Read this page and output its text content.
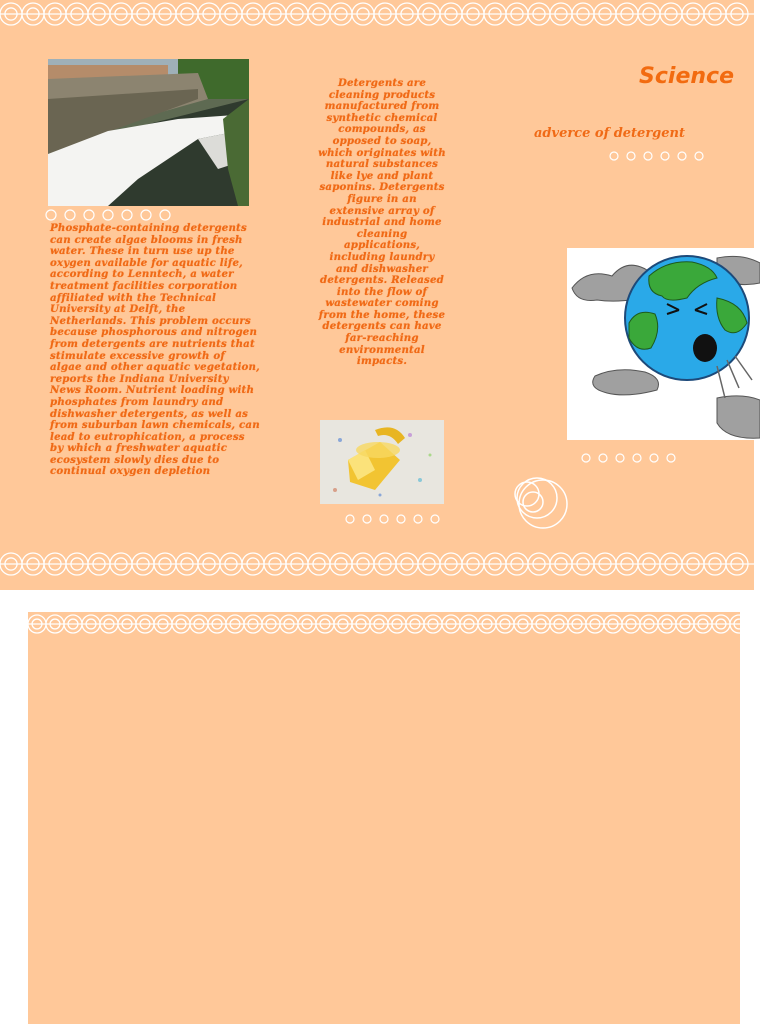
Phosphate-containing detergents can create algae blooms in fresh water. These in turn use up the oxygen available for aquatic life, according to Lenntech, a water treatment facilities corporation affiliated with the Technical University at Delft, the Netherlands. This problem occurs because phosphorous and nitrogen from detergents are nutrients that stimulate excessive growth of algae and other aquatic vegetation, reports the Indiana University News Room. Nutrient loading with phosphates from laundry and dishwasher detergents, as well as from suburban lawn chemicals, can lead to eutrophication, a process by which a freshwater aquatic ecosystem slowly dies due to continual oxygen depletion
Detergents are cleaning products manufactured from synthetic chemical compounds, as opposed to soap, which originates with natural substances like lye and plant saponins. Detergents figure in an extensive array of industrial and home cleaning applications, including laundry and dishwasher detergents. Released into the flow of wastewater coming from the home, these detergents can have far-reaching environmental impacts.
Science
adverce of detergent
